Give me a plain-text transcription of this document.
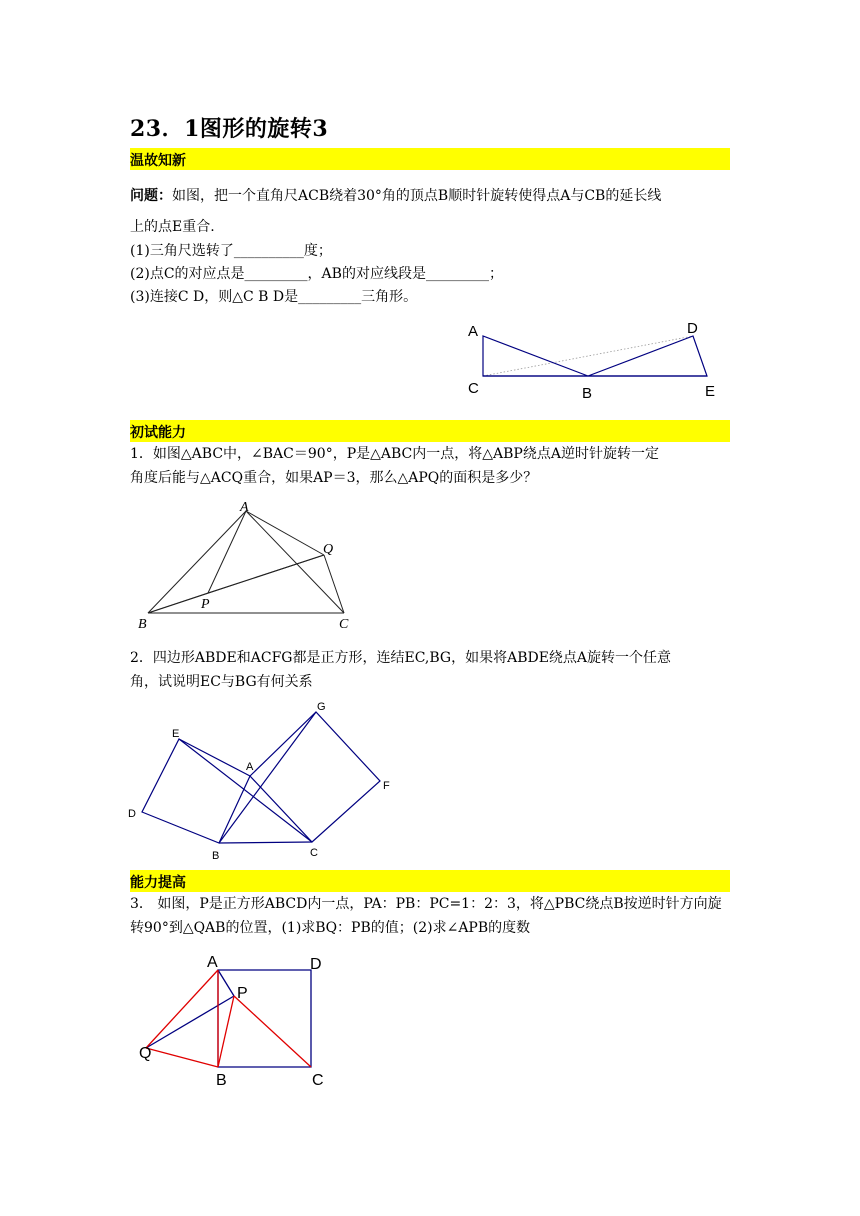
23．1图形的旋转3
温故知新
问题：如图，把一个直角尺ACB绕着30°角的顶点B顺时针旋转使得点A与CB的延长线
上的点E重合.
(1)三角尺选转了__________度；
(2)点C的对应点是_________，AB的对应线段是_________；
(3)连接C D，则△C B D是_________三角形。
A
C	B
D
E
初试能力
1．如图△ABC中，∠BAC＝90°，P是△ABC内一点，将△ABP绕点A逆时针旋转一定
角度后能与△ACQ重合，如果AP＝3，那么△APQ的面积是多少？
A
Q
P
B	C
2．四边形ABDE和ACFG都是正方形，连结EC,BG，如果将ABDE绕点A旋转一个任意
角，试说明EC与BG有何关系
G
E
A
F
D
B	C
能力提高
3． 如图，P是正方形ABCD内一点，PA：PB：PC=1：2：3，将△PBC绕点B按逆时针方向旋
转90°到△QAB的位置，(1)求BQ：PB的值；(2)求∠APB的度数
A	D
P
Q
B	C
